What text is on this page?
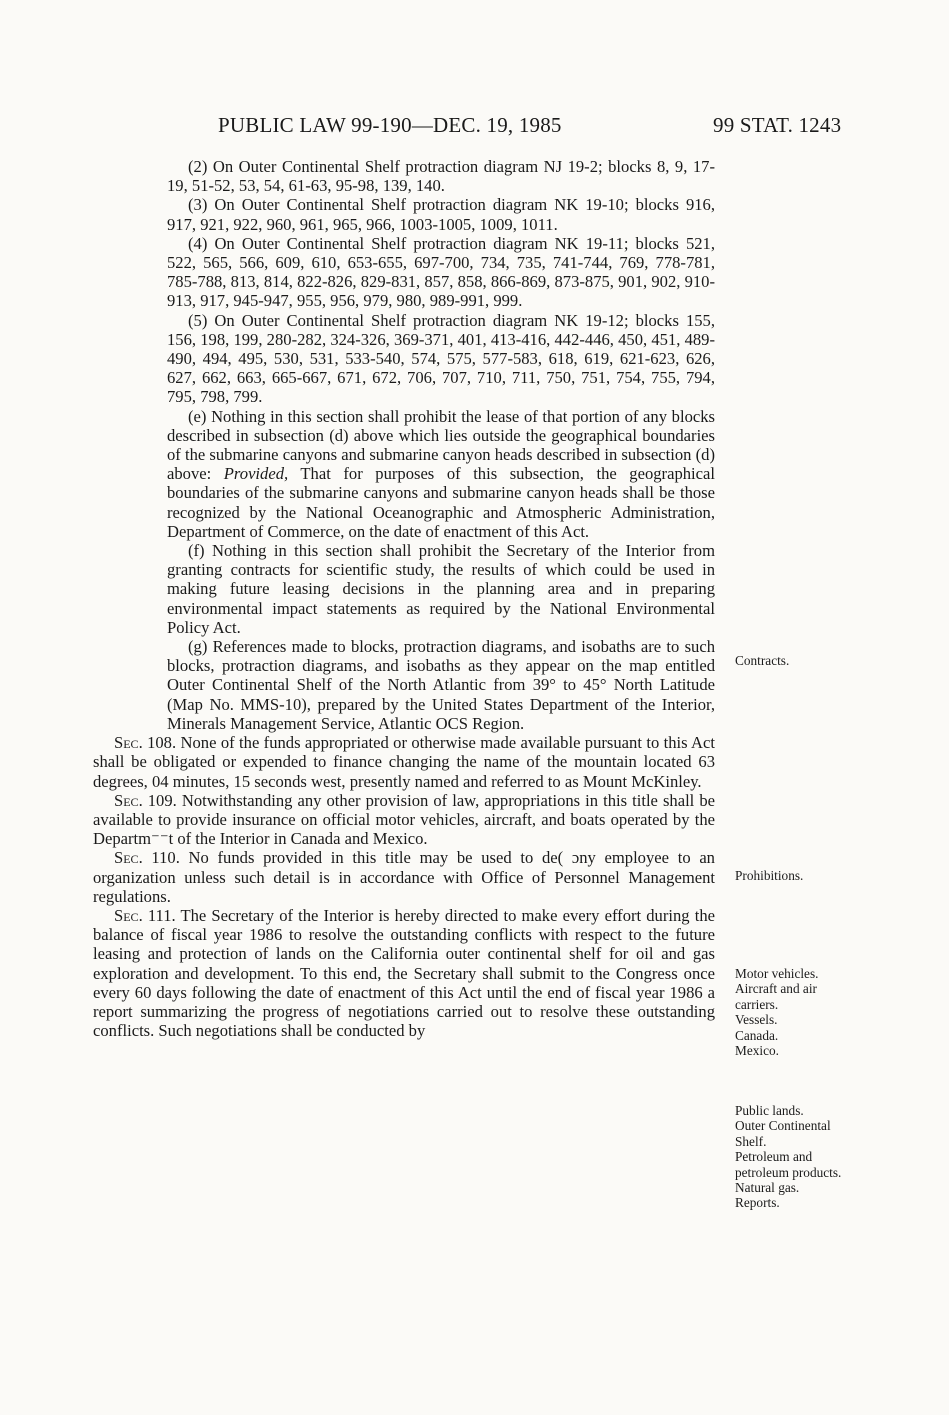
PUBLIC LAW 99-190—DEC. 19, 1985	99 STAT. 1243

(2) On Outer Continental Shelf protraction diagram NJ 19-2; blocks 8, 9, 17-19, 51-52, 53, 54, 61-63, 95-98, 139, 140.

(3) On Outer Continental Shelf protraction diagram NK 19-10; blocks 916, 917, 921, 922, 960, 961, 965, 966, 1003-1005, 1009, 1011.

(4) On Outer Continental Shelf protraction diagram NK 19-11; blocks 521, 522, 565, 566, 609, 610, 653-655, 697-700, 734, 735, 741-744, 769, 778-781, 785-788, 813, 814, 822-826, 829-831, 857, 858, 866-869, 873-875, 901, 902, 910-913, 917, 945-947, 955, 956, 979, 980, 989-991, 999.

(5) On Outer Continental Shelf protraction diagram NK 19-12; blocks 155, 156, 198, 199, 280-282, 324-326, 369-371, 401, 413-416, 442-446, 450, 451, 489-490, 494, 495, 530, 531, 533-540, 574, 575, 577-583, 618, 619, 621-623, 626, 627, 662, 663, 665-667, 671, 672, 706, 707, 710, 711, 750, 751, 754, 755, 794, 795, 798, 799.

(e) Nothing in this section shall prohibit the lease of that portion of any blocks described in subsection (d) above which lies outside the geographical boundaries of the submarine canyons and submarine canyon heads described in subsection (d) above: Provided, That for purposes of this subsection, the geographical boundaries of the submarine canyons and submarine canyon heads shall be those recognized by the National Oceanographic and Atmospheric Administration, Department of Commerce, on the date of enactment of this Act.

(f) Nothing in this section shall prohibit the Secretary of the Interior from granting contracts for scientific study, the results of which could be used in making future leasing decisions in the planning area and in preparing environmental impact statements as required by the National Environmental Policy Act.

(g) References made to blocks, protraction diagrams, and isobaths are to such blocks, protraction diagrams, and isobaths as they appear on the map entitled Outer Continental Shelf of the North Atlantic from 39° to 45° North Latitude (Map No. MMS-10), prepared by the United States Department of the Interior, Minerals Management Service, Atlantic OCS Region.

Sec. 108. None of the funds appropriated or otherwise made available pursuant to this Act shall be obligated or expended to finance changing the name of the mountain located 63 degrees, 04 minutes, 15 seconds west, presently named and referred to as Mount McKinley.

Sec. 109. Notwithstanding any other provision of law, appropriations in this title shall be available to provide insurance on official motor vehicles, aircraft, and boats operated by the Departm⁻⁻t of the Interior in Canada and Mexico.

Sec. 110. No funds provided in this title may be used to de( ɔny employee to an organization unless such detail is in accordance with Office of Personnel Management regulations.

Sec. 111. The Secretary of the Interior is hereby directed to make every effort during the balance of fiscal year 1986 to resolve the outstanding conflicts with respect to the future leasing and protection of lands on the California outer continental shelf for oil and gas exploration and development. To this end, the Secretary shall submit to the Congress once every 60 days following the date of enactment of this Act until the end of fiscal year 1986 a report summarizing the progress of negotiations carried out to resolve these outstanding conflicts. Such negotiations shall be conducted by

Contracts.
Prohibitions.

Motor vehicles.

Aircraft and air carriers.

Vessels.

Canada.

Mexico.

Public lands.

Outer Continental Shelf.

Petroleum and petroleum products.

Natural gas.

Reports.
